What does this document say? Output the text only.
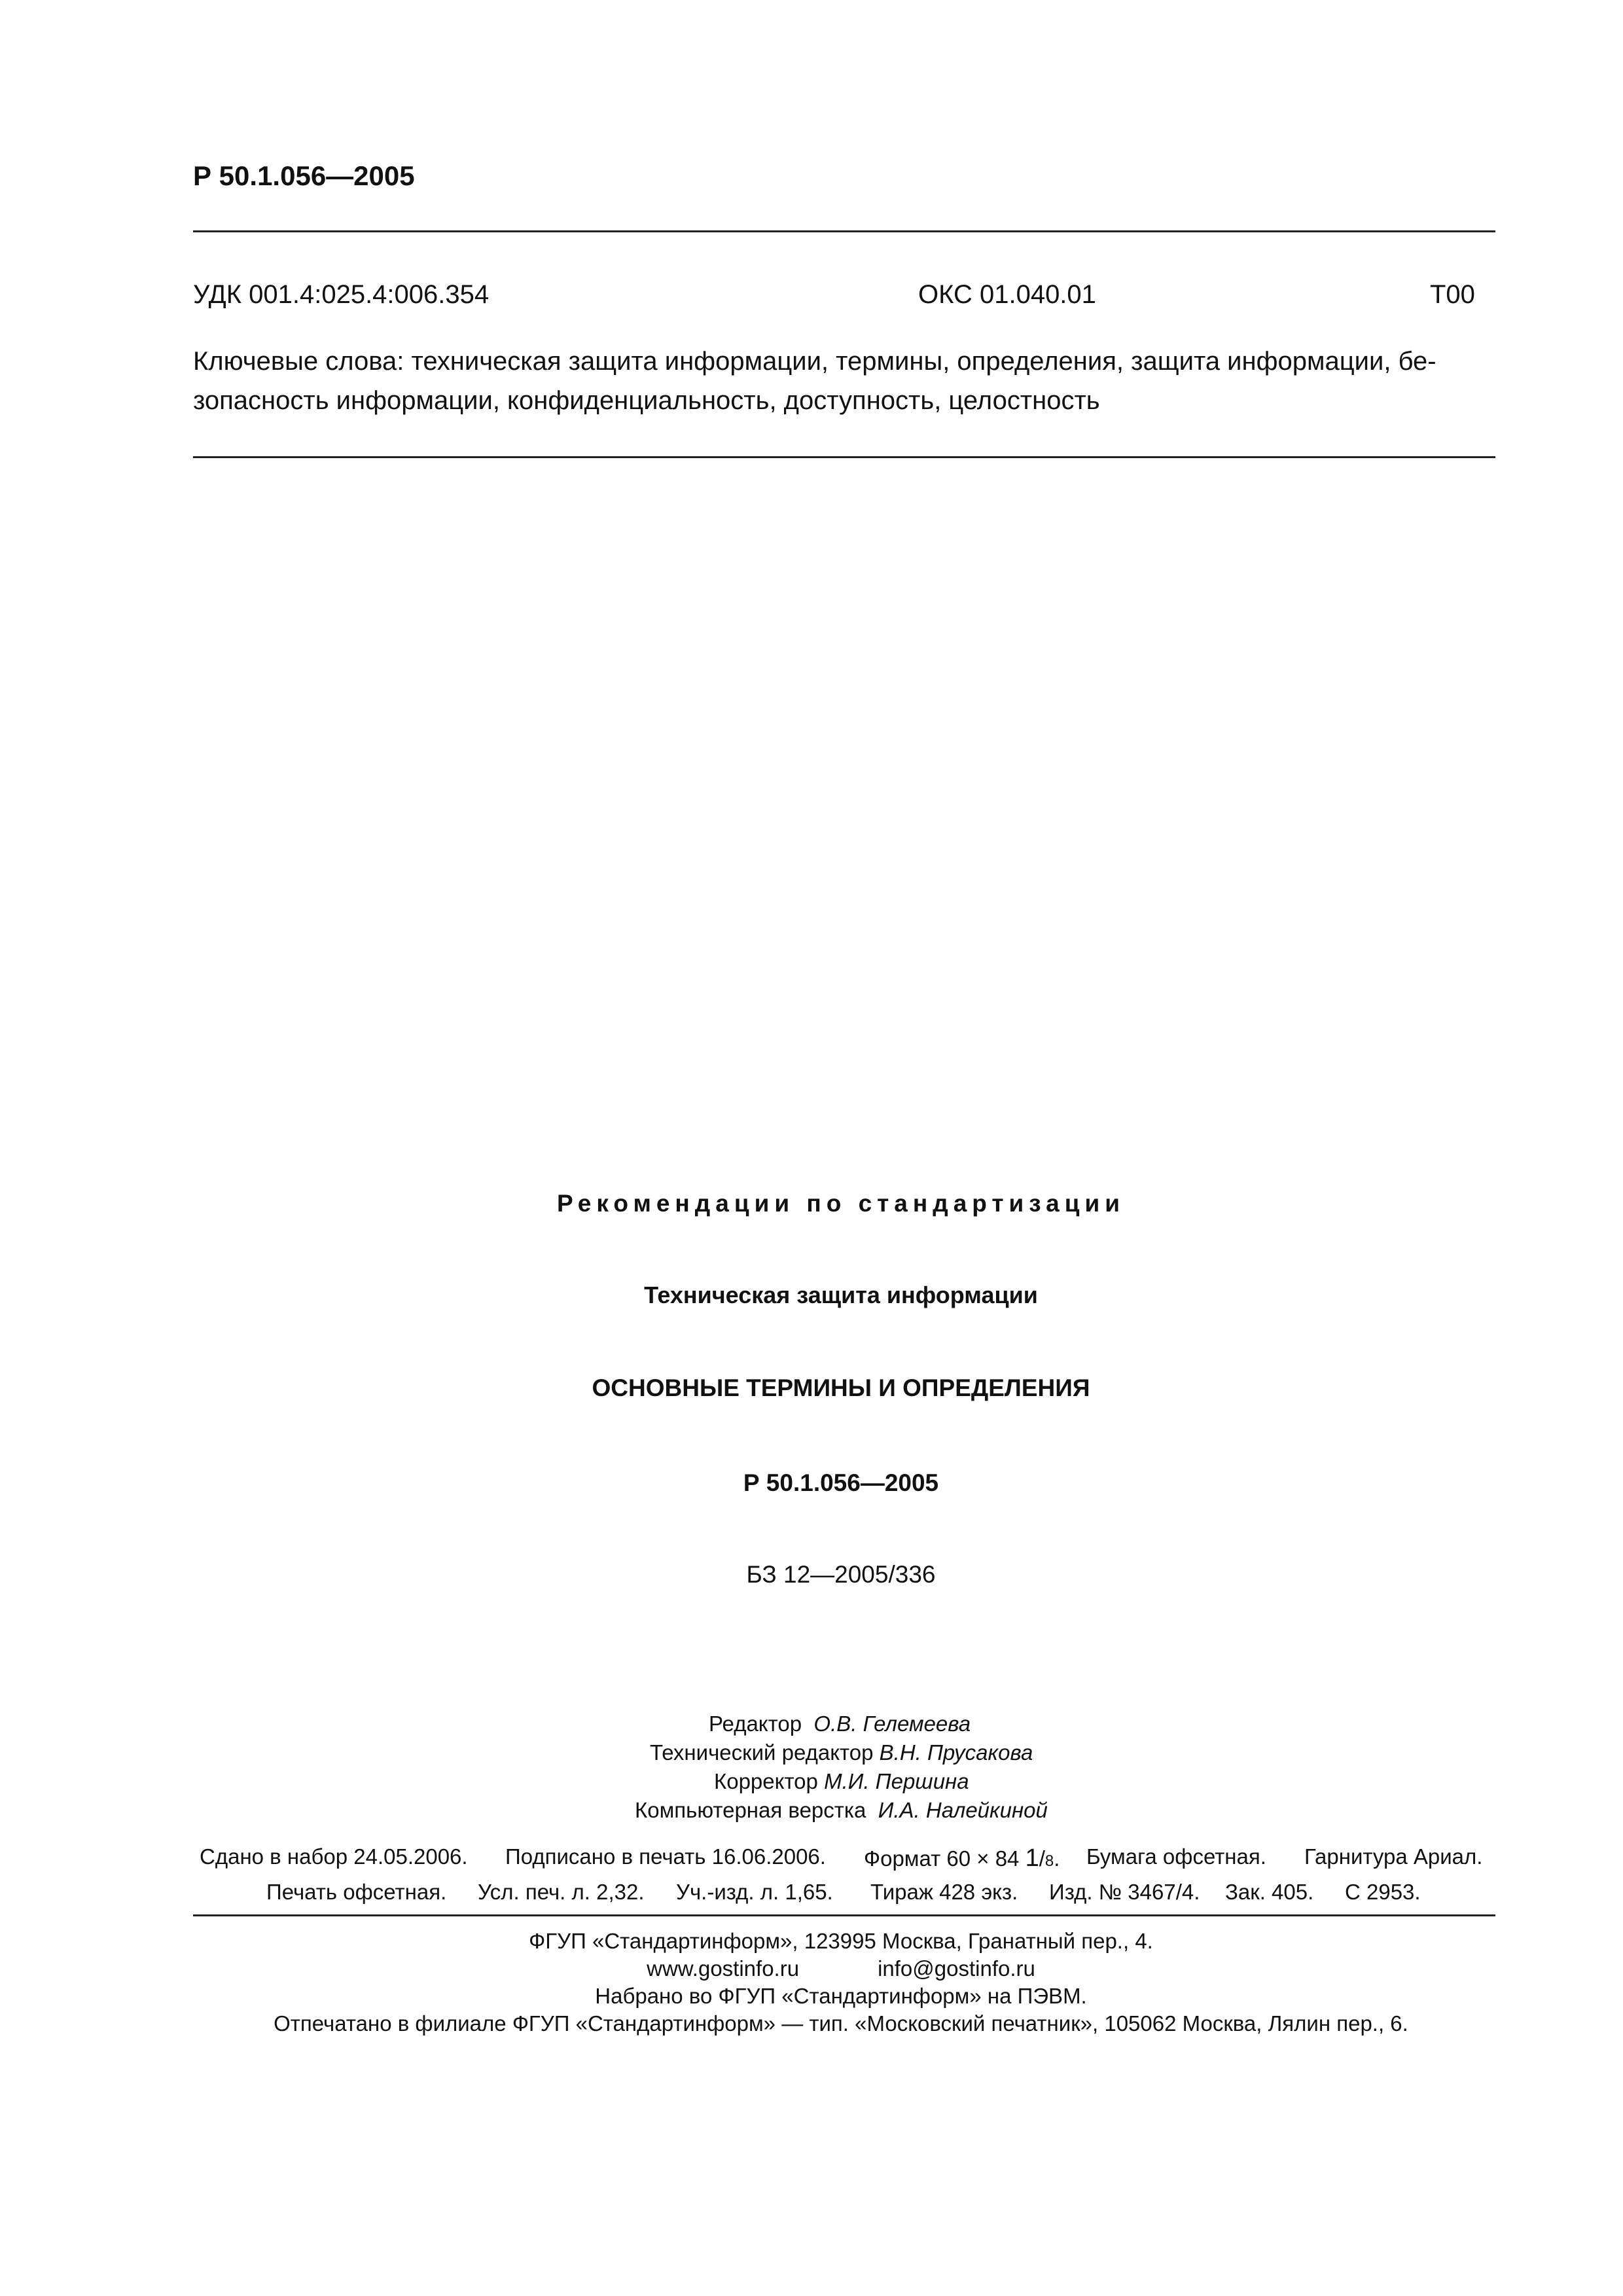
Р 50.1.056—2005
УДК 001.4:025.4:006.354	ОКС 01.040.01	Т00
Ключевые слова: техническая защита информации, термины, определения, защита информации, бе-
зопасность информации, конфиденциальность, доступность, целостность
Рекомендации по стандартизации
Техническая защита информации
ОСНОВНЫЕ ТЕРМИНЫ И ОПРЕДЕЛЕНИЯ
Р 50.1.056—2005
БЗ 12—2005/336
Редактор О.В. Гелемеева
Технический редактор В.Н. Прусакова
Корректор М.И. Першина
Компьютерная верстка И.А. Налейкиной
Сдано в набор 24.05.2006. Подписано в печать 16.06.2006. Формат 60 × 84 1/8. Бумага офсетная. Гарнитура Ариал.
Печать офсетная. Усл. печ. л. 2,32. Уч.-изд. л. 1,65. Тираж 428 экз. Изд. № 3467/4. Зак. 405. С 2953.
ФГУП «Стандартинформ», 123995 Москва, Гранатный пер., 4.
www.gostinfo.ru	info@gostinfo.ru
Набрано во ФГУП «Стандартинформ» на ПЭВМ.
Отпечатано в филиале ФГУП «Стандартинформ» — тип. «Московский печатник», 105062 Москва, Лялин пер., 6.
